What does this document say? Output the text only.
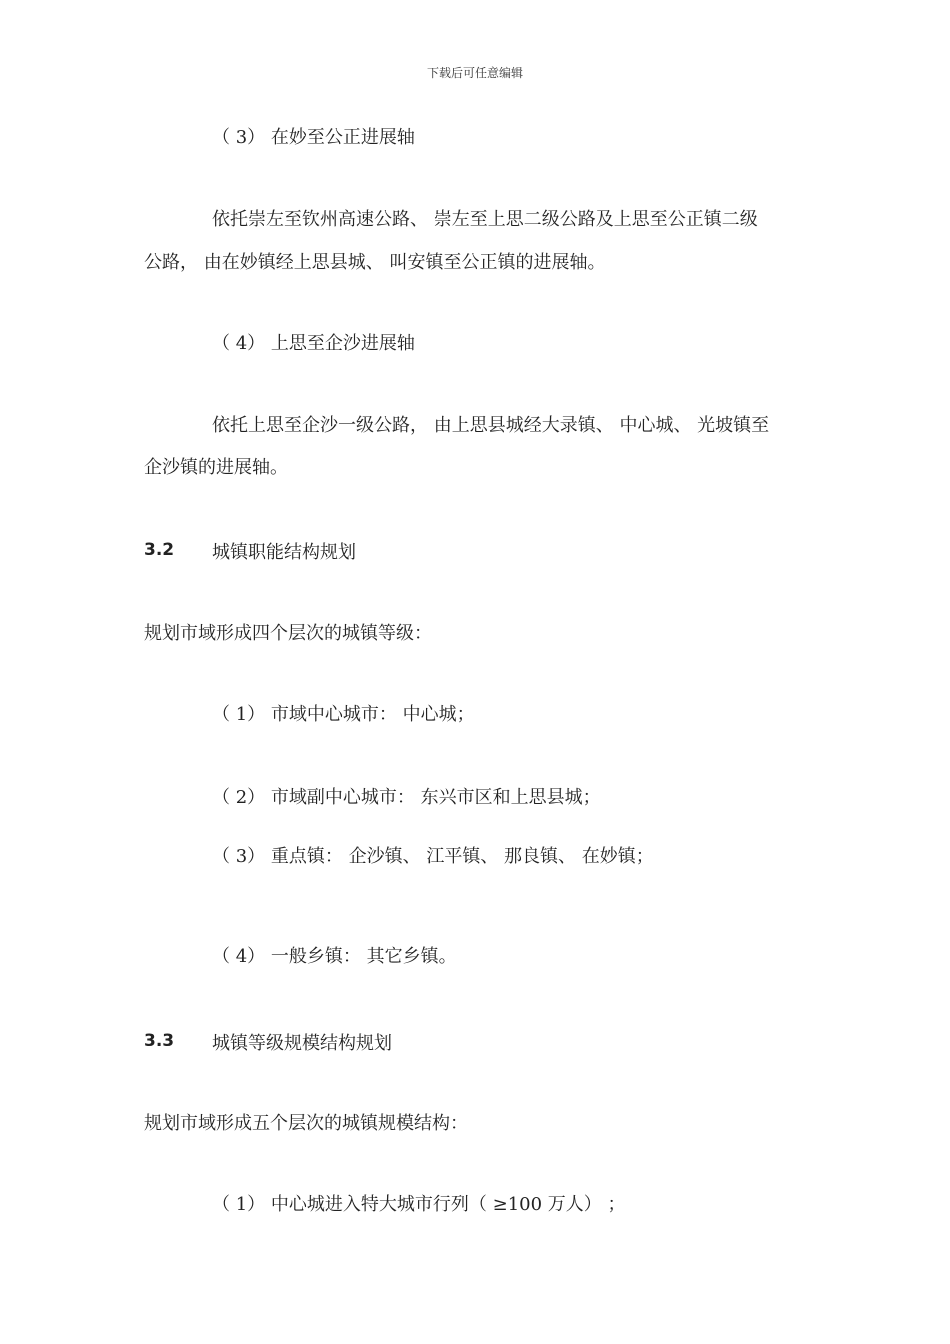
下载后可任意编辑
（ 3） 在妙至公正进展轴
依托崇左至钦州高速公路、 崇左至上思二级公路及上思至公正镇二级
公路， 由在妙镇经上思县城、 叫安镇至公正镇的进展轴。
（ 4） 上思至企沙进展轴
依托上思至企沙一级公路， 由上思县城经大录镇、 中心城、 光坡镇至
企沙镇的进展轴。
3.2 城镇职能结构规划
规划市域形成四个层次的城镇等级：
（ 1） 市域中心城市： 中心城；
（ 2） 市域副中心城市： 东兴市区和上思县城；
（ 3） 重点镇： 企沙镇、 江平镇、 那良镇、 在妙镇；
（ 4） 一般乡镇： 其它乡镇。
3.3 城镇等级规模结构规划
规划市域形成五个层次的城镇规模结构：
（ 1） 中心城进入特大城市行列（ ≥100 万人） ；
